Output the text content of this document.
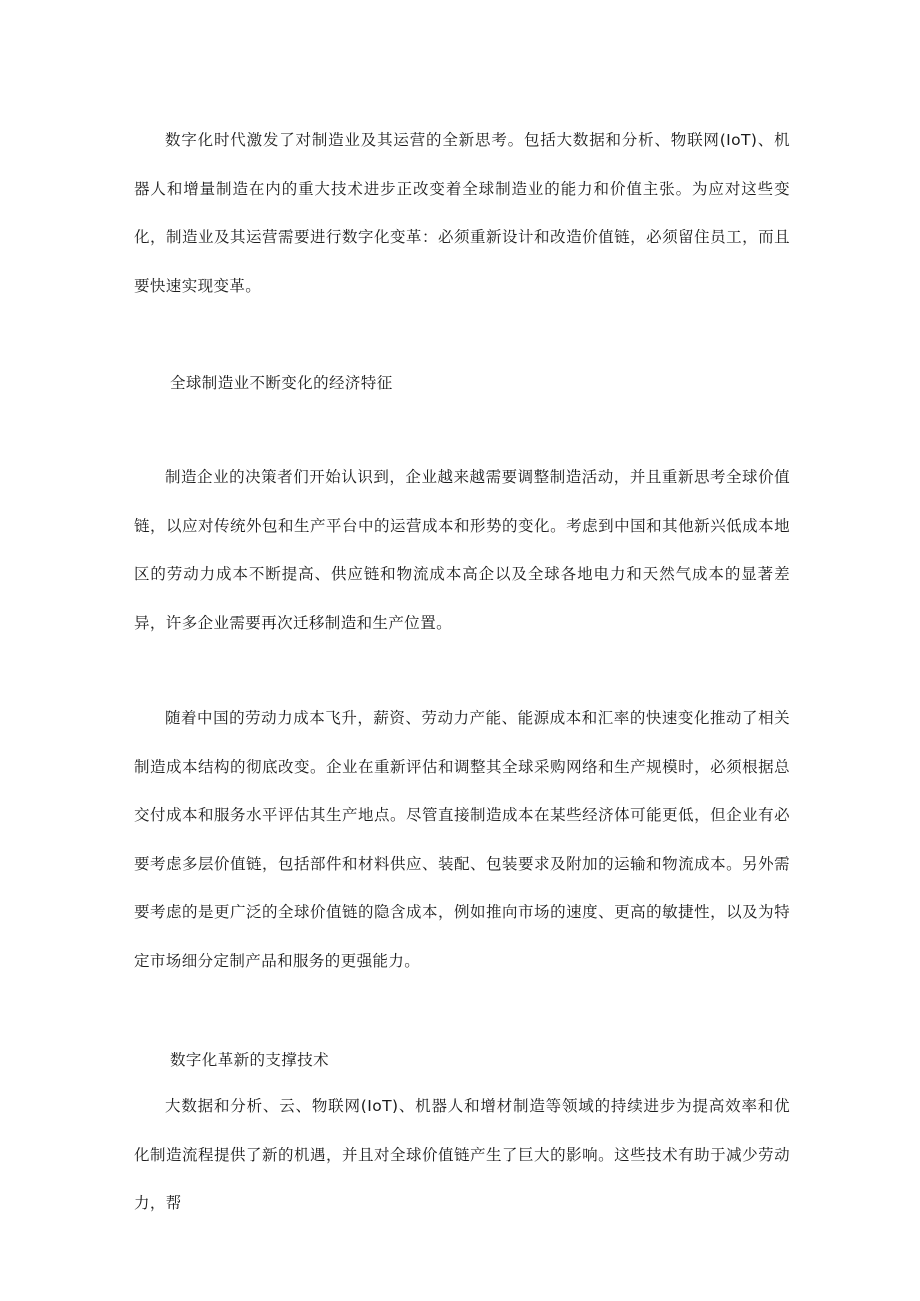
数字化时代激发了对制造业及其运营的全新思考。包括大数据和分析、物联网(IoT)、机器人和增量制造在内的重大技术进步正改变着全球制造业的能力和价值主张。为应对这些变化，制造业及其运营需要进行数字化变革：必须重新设计和改造价值链，必须留住员工，而且要快速实现变革。

全球制造业不断变化的经济特征

制造企业的决策者们开始认识到，企业越来越需要调整制造活动，并且重新思考全球价值链，以应对传统外包和生产平台中的运营成本和形势的变化。考虑到中国和其他新兴低成本地区的劳动力成本不断提高、供应链和物流成本高企以及全球各地电力和天然气成本的显著差异，许多企业需要再次迁移制造和生产位置。

随着中国的劳动力成本飞升，薪资、劳动力产能、能源成本和汇率的快速变化推动了相关制造成本结构的彻底改变。企业在重新评估和调整其全球采购网络和生产规模时，必须根据总交付成本和服务水平评估其生产地点。尽管直接制造成本在某些经济体可能更低，但企业有必要考虑多层价值链，包括部件和材料供应、装配、包装要求及附加的运输和物流成本。另外需要考虑的是更广泛的全球价值链的隐含成本，例如推向市场的速度、更高的敏捷性，以及为特定市场细分定制产品和服务的更强能力。

数字化革新的支撑技术

大数据和分析、云、物联网(IoT)、机器人和增材制造等领域的持续进步为提高效率和优化制造流程提供了新的机遇，并且对全球价值链产生了巨大的影响。这些技术有助于减少劳动力，帮
